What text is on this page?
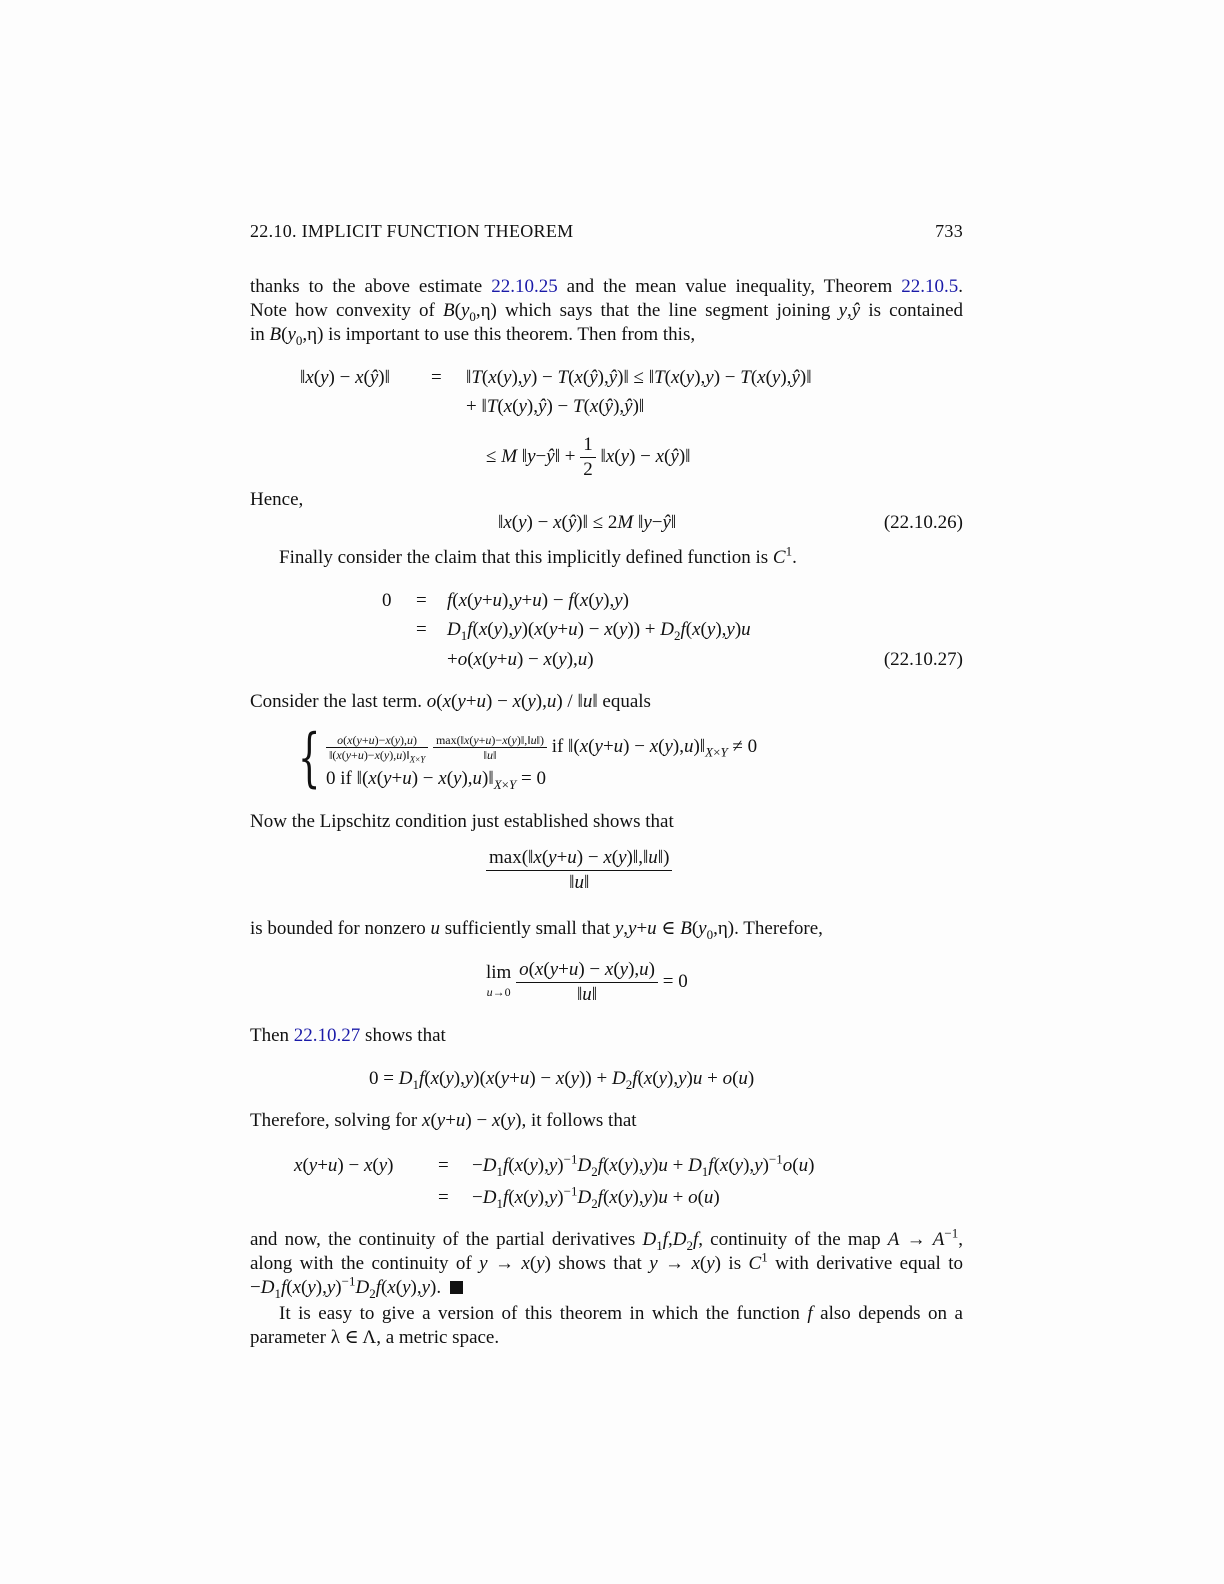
22.10. IMPLICIT FUNCTION THEOREM	733
thanks to the above estimate 22.10.25 and the mean value inequality, Theorem 22.10.5.
Note how convexity of $B(y_0,\eta)$ which says that the line segment joining y,ŷ is contained
in $B(y_0,\eta)$ is important to use this theorem. Then from this,
‖x(y) − x(ŷ)‖ = ‖T(x(y),y) − T(x(ŷ),ŷ)‖ ≤ ‖T(x(y),y) − T(x(y),ŷ)‖
+ ‖T(x(y),ŷ) − T(x(ŷ),ŷ)‖
≤ M ‖y−ŷ‖ + $\frac{1}{2}$ ‖x(y) − x(ŷ)‖
Hence,
‖x(y) − x(ŷ)‖ ≤ 2M ‖y−ŷ‖	(22.10.26)
Finally consider the claim that this implicitly defined function is $C^1$.
0 = f(x(y+u),y+u) − f(x(y),y)
= $D_1f(x(y),y)(x(y+u) - x(y)) + D_2f(x(y),y)u$
+o(x(y+u) − x(y),u)	(22.10.27)
Consider the last term. o(x(y+u) − x(y),u) / ‖u‖ equals
{ $\frac{o(x(y+u)-x(y),u)}{‖(x(y+u)-x(y),u)‖_{X\times Y}}$
$\frac{\max(‖x(y+u)-x(y)‖,‖u‖)}{‖u‖}$ if ‖(x(y+u) − $x(y),u)‖_{X\times Y} \ne 0$
0 if ‖(x(y+u) − $x(y),u)‖_{X\times Y} = 0$
Now the Lipschitz condition just established shows that
$\frac{\max(‖x(y+u) - x(y)‖,‖u‖)}{‖u‖}$
is bounded for nonzero u sufficiently small that y,y+u ∈ $B(y_0,\eta)$. Therefore,
lim
$u\to 0 \frac{o(x(y+u) - x(y),u)}{‖u‖} = 0$
Then 22.10.27 shows that
$0 = D_1f(x(y),y)(x(y+u) - x(y)) + D_2f(x(y),y)u + o(u)$
Therefore, solving for x(y+u) − x(y), it follows that
$x(y+u) - x(y) = -D_1f(x(y),y)^{-1}D_2f(x(y),y)u + D_1f(x(y),y)^{-1}o(u)$
= $-D_1f(x(y),y)^{-1}D_2f(x(y),y)u + o(u)$
and now, the continuity of the partial derivatives $D_1f,D_2f$, continuity of the map $A \to A^{-1}$,
along with the continuity of y → x(y) shows that y → x(y) is $C^1$ with derivative equal to
$-D_1f(x(y),y)^{-1}D_2f(x(y),y)$.
It is easy to give a version of this theorem in which the function f also depends on a
parameter λ ∈ Λ, a metric space.
